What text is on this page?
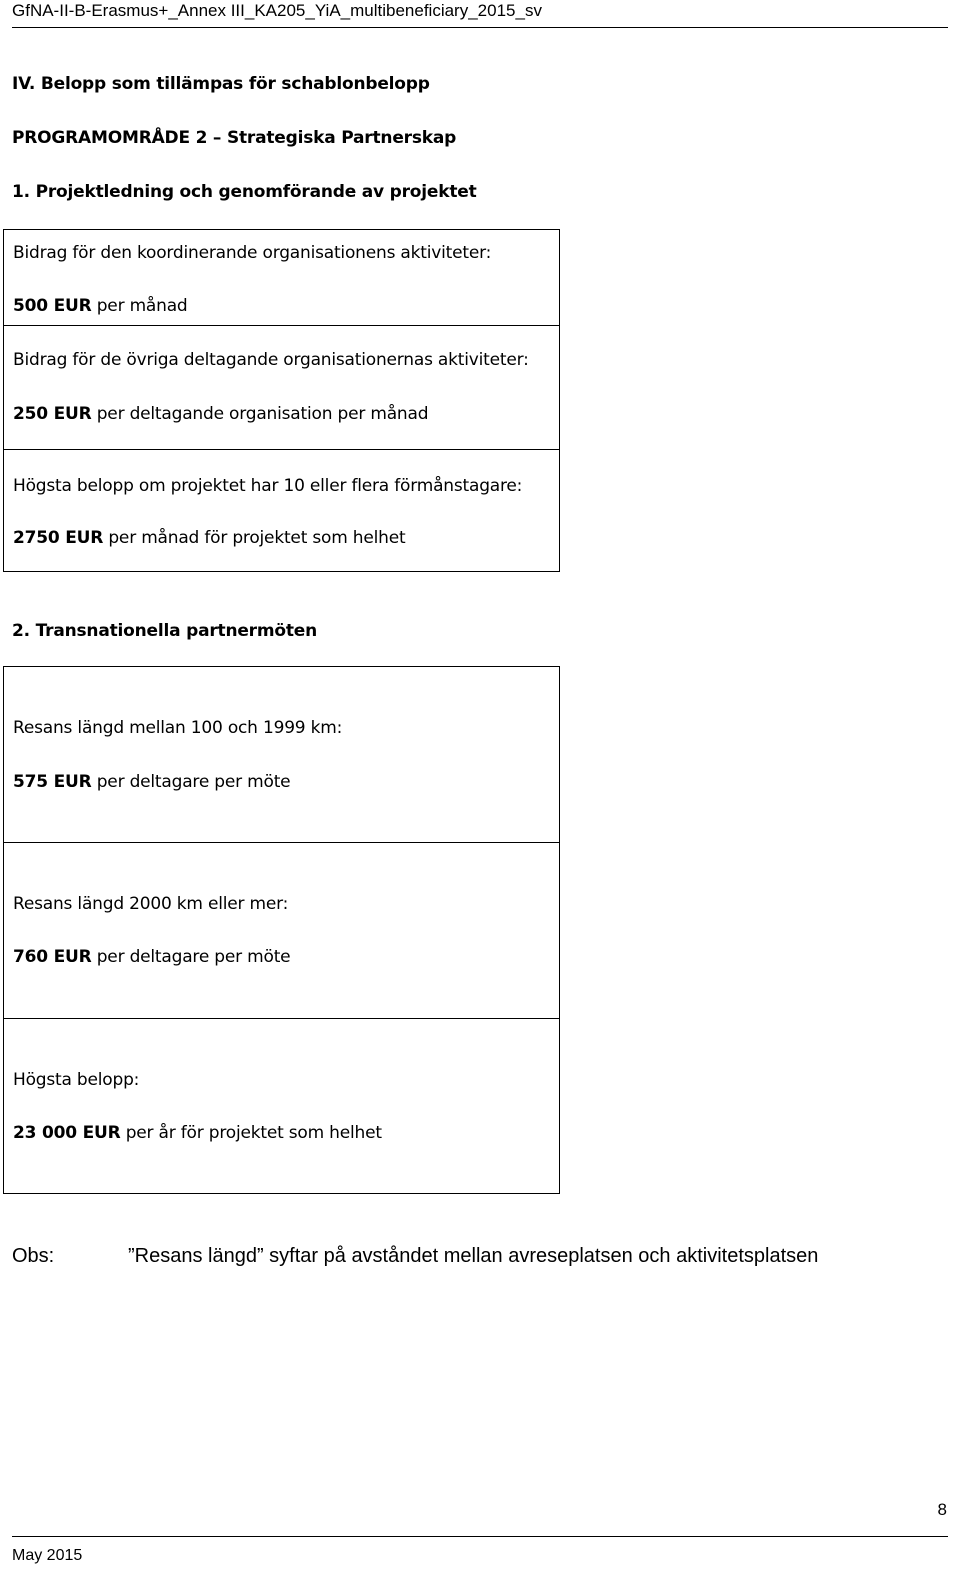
GfNA-II-B-Erasmus+_Annex III_KA205_YiA_multibeneficiary_2015_sv
IV. Belopp som tillämpas för schablonbelopp
PROGRAMOMRÅDE 2 – Strategiska Partnerskap
1. Projektledning och genomförande av projektet
Bidrag för den koordinerande organisationens aktiviteter:
500 EUR per månad
Bidrag för de övriga deltagande organisationernas aktiviteter:
250 EUR per deltagande organisation per månad
Högsta belopp om projektet har 10 eller flera förmånstagare:
2750 EUR per månad för projektet som helhet
2. Transnationella partnermöten
Resans längd mellan 100 och 1999 km:
575 EUR per deltagare per möte
Resans längd 2000 km eller mer:
760 EUR per deltagare per möte
Högsta belopp:
23 000 EUR per år för projektet som helhet
Obs:	”Resans längd” syftar på avståndet mellan avreseplatsen och aktivitetsplatsen
8
May 2015
